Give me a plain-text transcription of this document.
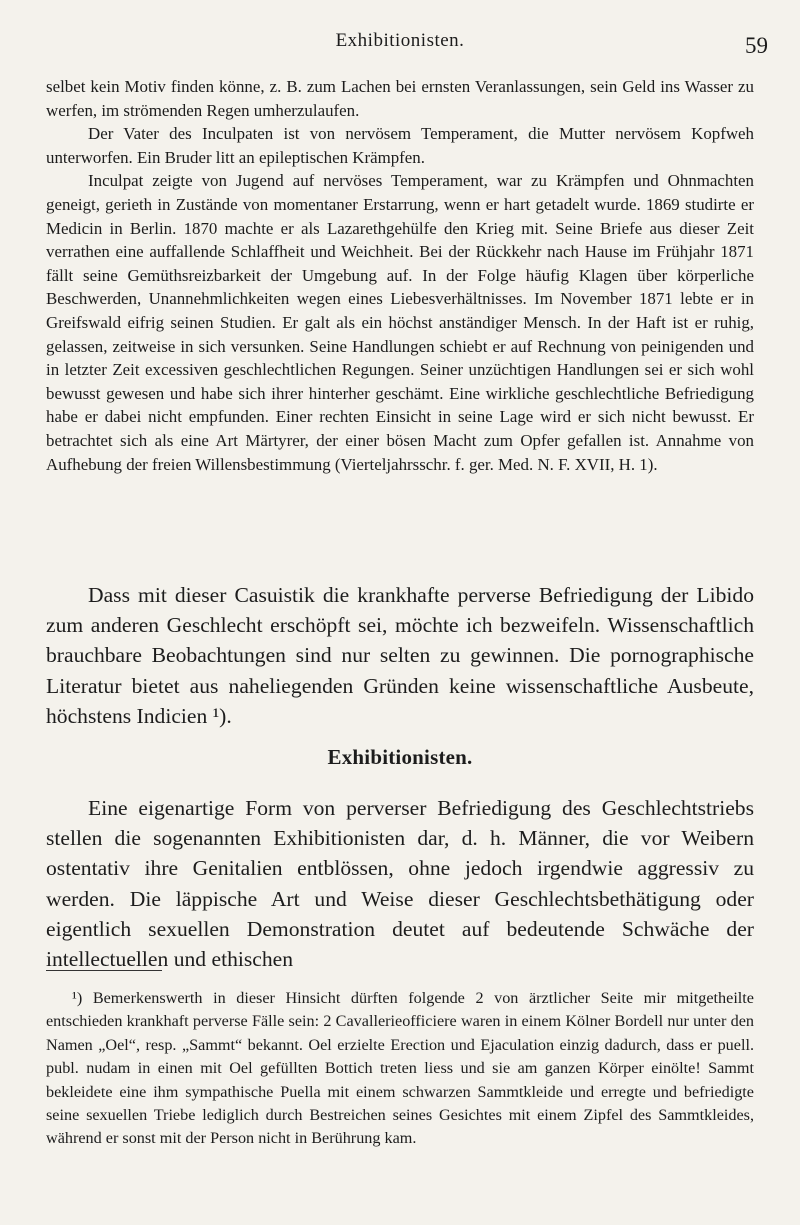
Exhibitionisten.	59

selbet kein Motiv finden könne, z. B. zum Lachen bei ernsten Veranlassungen, sein Geld ins Wasser zu werfen, im strömenden Regen umherzulaufen.

Der Vater des Inculpaten ist von nervösem Temperament, die Mutter nervösem Kopfweh unterworfen. Ein Bruder litt an epileptischen Krämpfen.

Inculpat zeigte von Jugend auf nervöses Temperament, war zu Krämpfen und Ohnmachten geneigt, gerieth in Zustände von momentaner Erstarrung, wenn er hart getadelt wurde. 1869 studirte er Medicin in Berlin. 1870 machte er als Lazarethgehülfe den Krieg mit. Seine Briefe aus dieser Zeit verrathen eine auffallende Schlaffheit und Weichheit. Bei der Rückkehr nach Hause im Frühjahr 1871 fällt seine Gemüthsreizbarkeit der Umgebung auf. In der Folge häufig Klagen über körperliche Beschwerden, Unannehmlichkeiten wegen eines Liebesverhältnisses. Im November 1871 lebte er in Greifswald eifrig seinen Studien. Er galt als ein höchst anständiger Mensch. In der Haft ist er ruhig, gelassen, zeitweise in sich versunken. Seine Handlungen schiebt er auf Rechnung von peinigenden und in letzter Zeit excessiven geschlechtlichen Regungen. Seiner unzüchtigen Handlungen sei er sich wohl bewusst gewesen und habe sich ihrer hinterher geschämt. Eine wirkliche geschlechtliche Befriedigung habe er dabei nicht empfunden. Einer rechten Einsicht in seine Lage wird er sich nicht bewusst. Er betrachtet sich als eine Art Märtyrer, der einer bösen Macht zum Opfer gefallen ist. Annahme von Aufhebung der freien Willensbestimmung (Vierteljahrsschr. f. ger. Med. N. F. XVII, H. 1).

Dass mit dieser Casuistik die krankhafte perverse Befriedigung der Libido zum anderen Geschlecht erschöpft sei, möchte ich bezweifeln. Wissenschaftlich brauchbare Beobachtungen sind nur selten zu gewinnen. Die pornographische Literatur bietet aus naheliegenden Gründen keine wissenschaftliche Ausbeute, höchstens Indicien ¹).

Exhibitionisten.

Eine eigenartige Form von perverser Befriedigung des Geschlechtstriebs stellen die sogenannten Exhibitionisten dar, d. h. Männer, die vor Weibern ostentativ ihre Genitalien entblössen, ohne jedoch irgendwie aggressiv zu werden. Die läppische Art und Weise dieser Geschlechtsbethätigung oder eigentlich sexuellen Demonstration deutet auf bedeutende Schwäche der intellectuellen und ethischen

¹) Bemerkenswerth in dieser Hinsicht dürften folgende 2 von ärztlicher Seite mir mitgetheilte entschieden krankhaft perverse Fälle sein: 2 Cavallerieofficiere waren in einem Kölner Bordell nur unter den Namen „Oel“, resp. „Sammt“ bekannt. Oel erzielte Erection und Ejaculation einzig dadurch, dass er puell. publ. nudam in einen mit Oel gefüllten Bottich treten liess und sie am ganzen Körper einölte! Sammt bekleidete eine ihm sympathische Puella mit einem schwarzen Sammtkleide und erregte und befriedigte seine sexuellen Triebe lediglich durch Bestreichen seines Gesichtes mit einem Zipfel des Sammtkleides, während er sonst mit der Person nicht in Berührung kam.
